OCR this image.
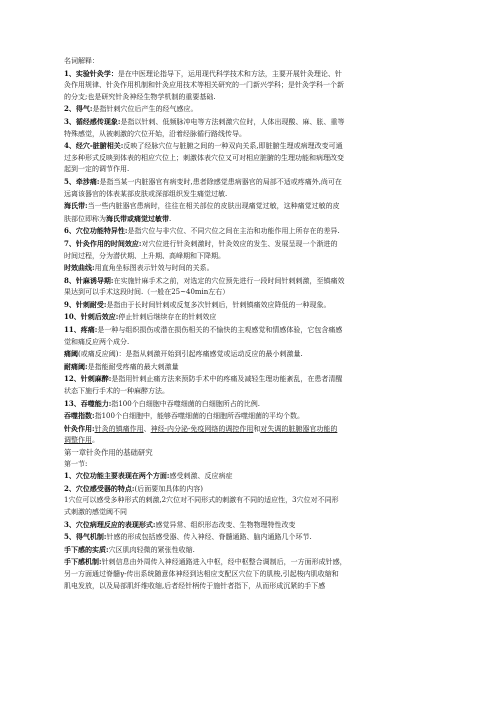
名词解释：
1、实验针灸学：是在中医理论指导下，运用现代科学技术和方法，主要开展针灸理论、针
灸作用规律、针灸作用机制和针灸应用技术等相关研究的一门新兴学科；是针灸学科一个新
的分支;也是研究针灸神经生物学机制的重要基础.
2、得气:是指针刺穴位后产生的经气感应。
3、循经感传现象:是指以针刺、低频脉冲电等方法刺激穴位时，人体出现酸、麻、胀、重等
特殊感觉，从被刺激的穴位开始，沿着经脉循行路线传导。
4、经穴-脏腑相关:反映了经脉穴位与脏腑之间的一种双向关系,即脏腑生理或病理改变可通
过多种形式反映到体表的相应穴位上；刺激体表穴位又可对相应脏腑的生理功能和病理改变
起到一定的调节作用.
5、牵涉痛:是指当某一内脏器官有病变时,患者除感觉患病器官的局部不适或疼痛外,尚可在
远离该器官的体表某部皮肤或深部组织发生痛觉过敏.
海氏带:当一些内脏器官患病时，往往在相关部位的皮肤出现痛觉过敏，这种痛觉过敏的皮
肤部位即称为海氏带或痛觉过敏带.
6、穴位功能特异性:是指穴位与非穴位、不同穴位之间在主治和功能作用上所存在的差异.
7、针灸作用的时间效应:对穴位进行针灸刺激时，针灸效应的发生、发展呈现一个渐进的
时间过程，分为潜伏期、上升期、高峰期和下降期。
时效曲线:用直角坐标图表示针效与时间的关系。
8、针麻诱导期:在实施针麻手术之前，对选定的穴位预先进行一段时间针刺刺激，至镇痛效
果达到可以手术这段时间.（一般在25~40min左右）
9、针刺耐受:是指由于长时间针刺或反复多次针刺后，针刺镇痛效应降低的一种现象。
10、针刺后效应:停止针刺后继续存在的针刺效应
11、疼痛:是一种与组织损伤或潜在损伤相关的不愉快的主观感觉和情感体验，它包含痛感
觉和痛反应两个成分.
痛阈(或痛反应阈)：是指从刺激开始到引起疼痛感觉或运动反应的最小刺激量.
耐痛阈:是指能耐受疼痛的最大刺激量
12、针刺麻醉:是指用针刺止痛方法来预防手术中的疼痛及减轻生理功能紊乱，在患者清醒
状态下施行手术的一种麻醉方法。
13、吞噬能力:指100个白细胞中吞噬细菌的白细胞所占的比例.
吞噬指数:指100个白细胞中，能够吞噬细菌的白细胞所吞噬细菌的平均个数。
针灸作用:针灸的镇痛作用、神经-内分泌-免疫网络的调控作用和对失调的脏腑器官功能的
调整作用。
第一章针灸作用的基础研究
第一节:
1、穴位功能主要表现在两个方面:感受刺激、反应病症
2、穴位感受器的特点:(后面要加具体的内容)
1穴位可以感受多种形式的刺激,2穴位对不同形式的刺激有不同的适应性，3穴位对不同形
式刺激的感觉阈不同
3、穴位病理反应的表现形式:感觉异常、组织形态改变、生物物理特性改变
5、得气机制:针感的形成包括感受器、传入神经、脊髓通路、脑内通路几个环节.
手下感的实质:穴区肌肉轻微的紧张性收缩.
手下感机制:针刺信息由外周传入神经通路进入中枢，经中枢整合调制后，一方面形成针感，
另一方面通过脊髓γ-传出系统随意体神经到达相应支配区穴位下的肌梭,引起梭内肌收缩和
肌电发放，以及局部肌纤维收缩,后者经针柄传于施针者指下，从而形成沉紧的手下感
